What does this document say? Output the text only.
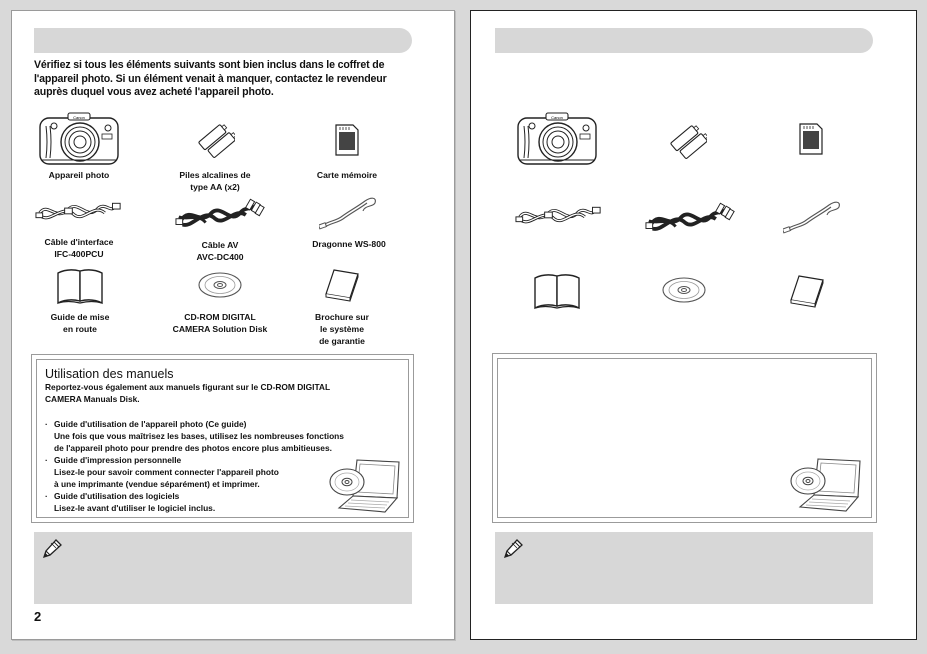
Vérifiez si tous les éléments suivants sont bien inclus dans le coffret de l'appareil photo. Si un élément venait à manquer, contactez le revendeur auprès duquel vous avez acheté l'appareil photo.

Appareil photo	Piles alcalines de
type AA (x2)
Carte mémoire
Câble d'interface
IFC-400PCU
Câble AV
AVC-DC400
Dragonne WS-800
Guide de mise
en route
CD-ROM DIGITAL
CAMERA Solution Disk
Brochure sur
le système
de garantie
Utilisation des manuels

Reportez-vous également aux manuels figurant sur le CD-ROM DIGITAL CAMERA Manuals Disk.

· Guide d'utilisation de l'appareil photo (Ce guide)
Une fois que vous maîtrisez les bases, utilisez les nombreuses fonctions
de l'appareil photo pour prendre des photos encore plus ambitieuses.
· Guide d'impression personnelle
Lisez-le pour savoir comment connecter l'appareil photo
à une imprimante (vendue séparément) et imprimer.
· Guide d'utilisation des logiciels
Lisez-le avant d'utiliser le logiciel inclus.
2
